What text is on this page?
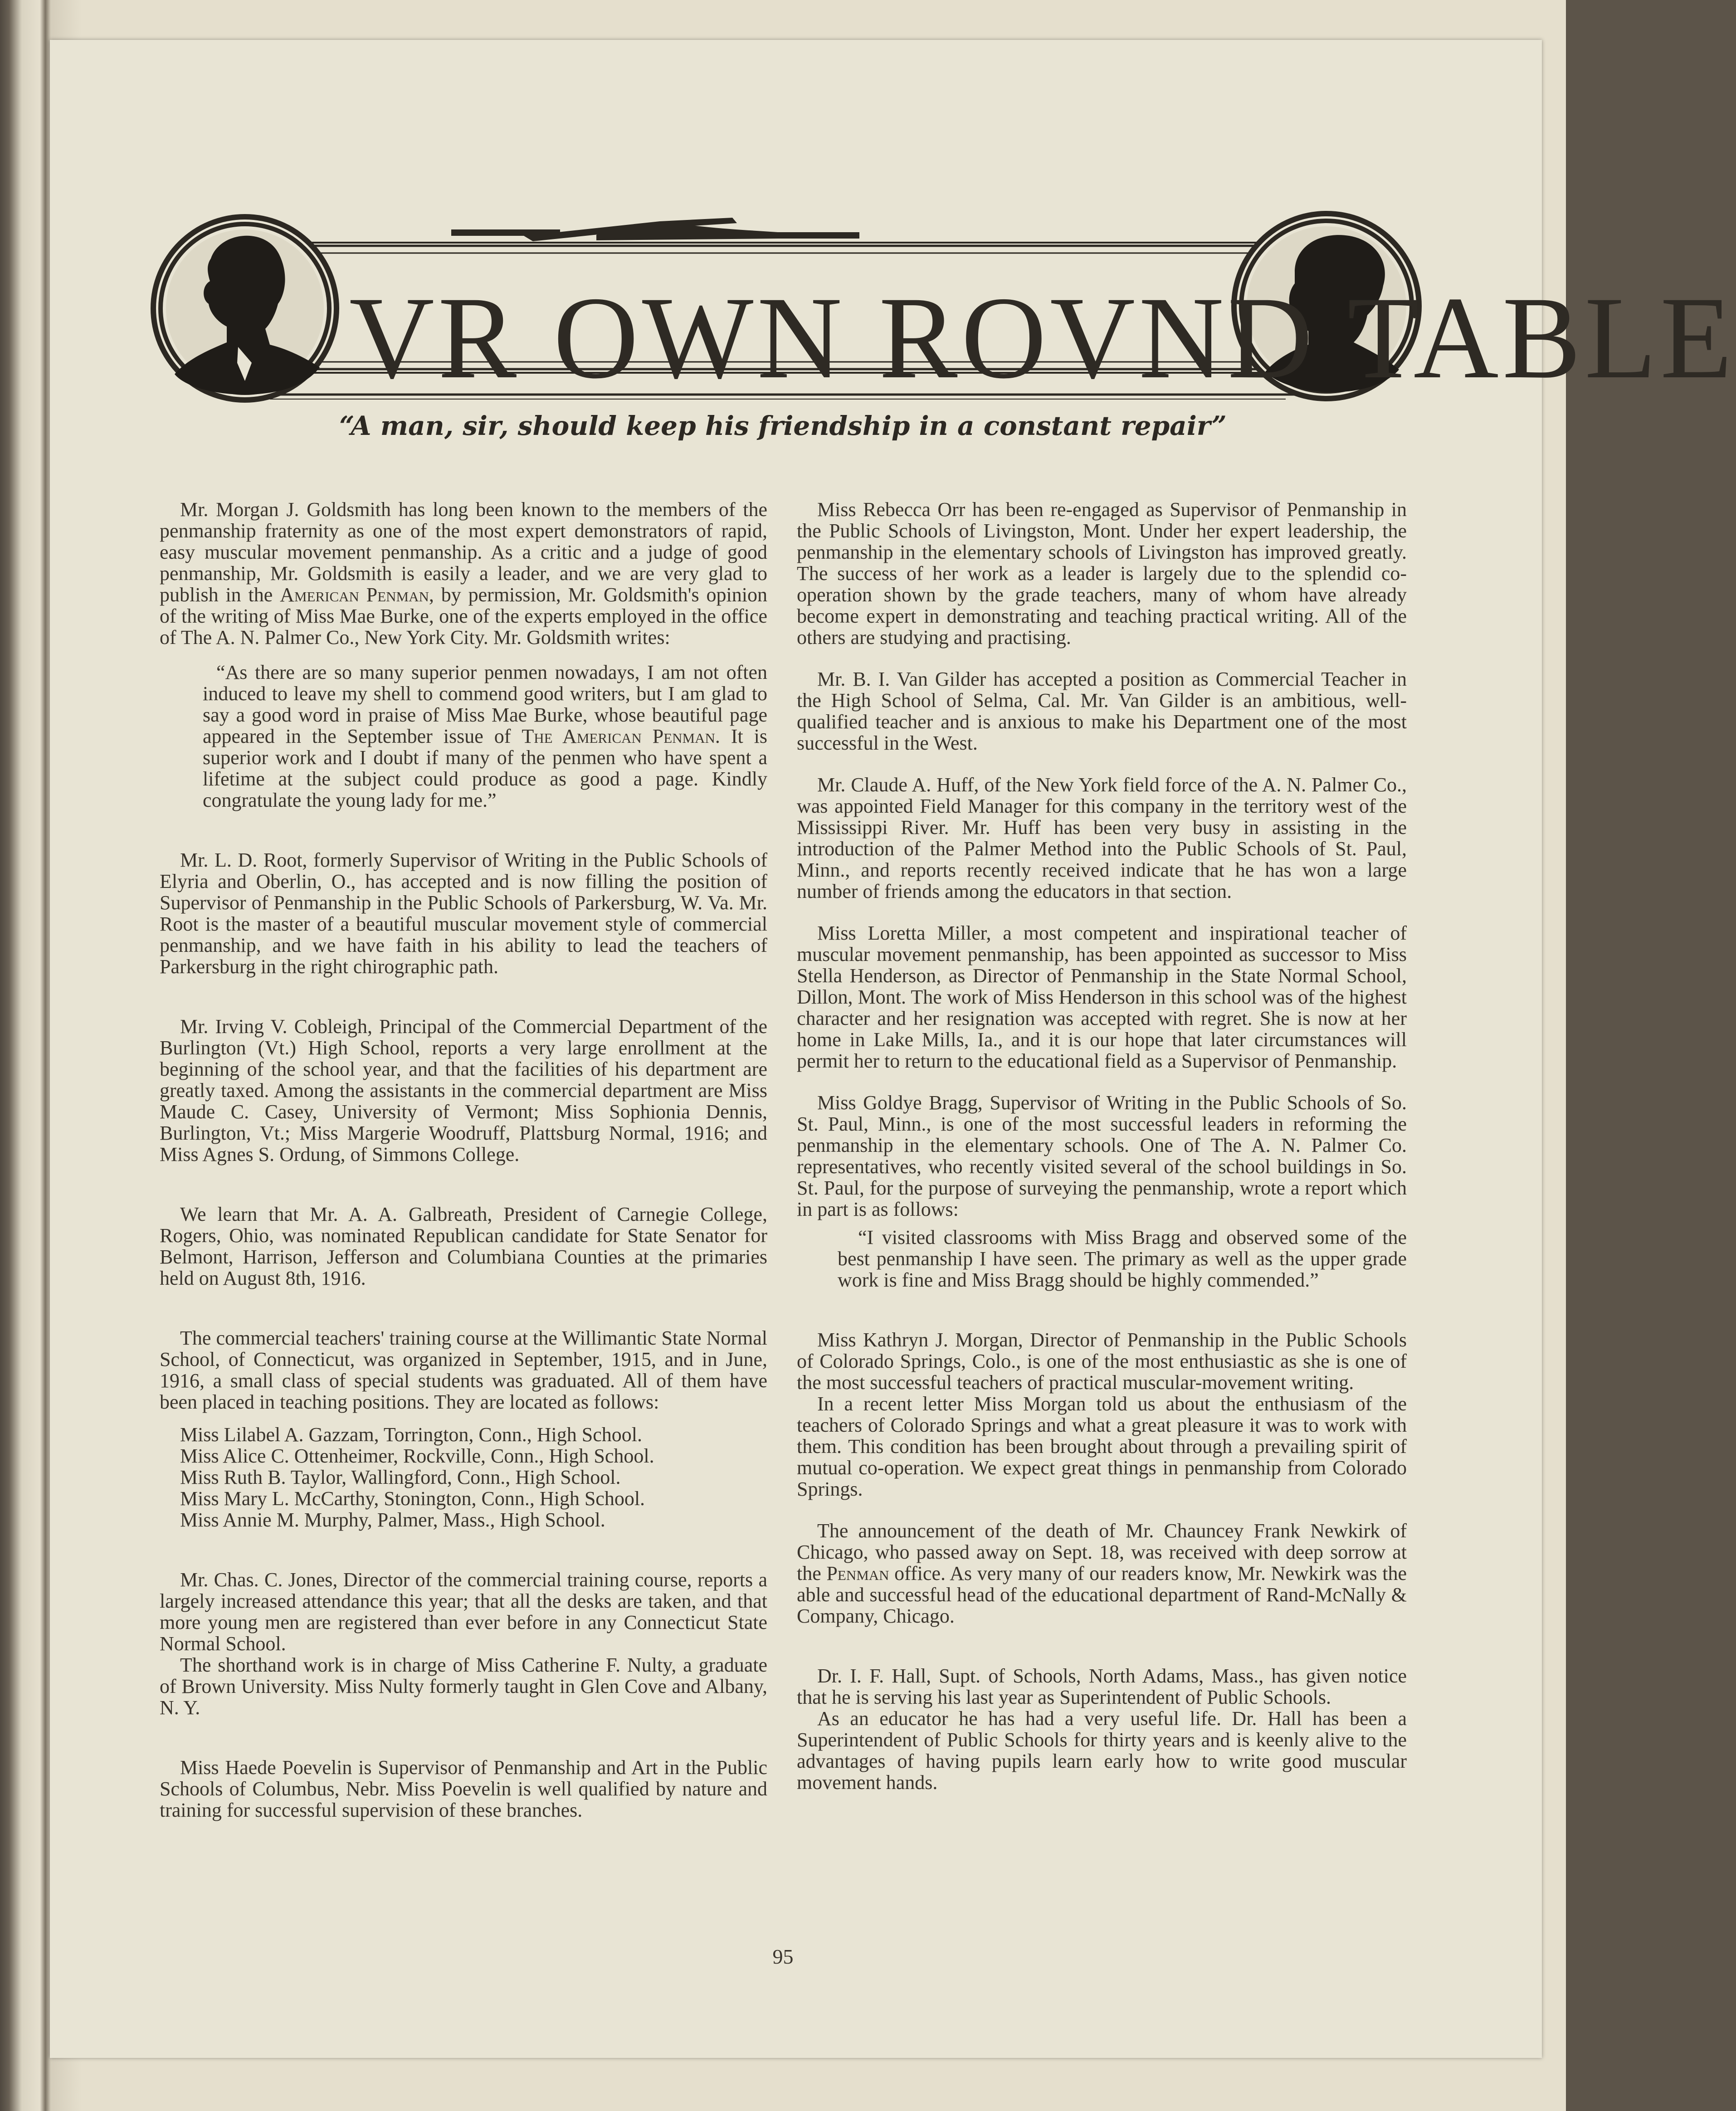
VR OWN ROVND TABLE
“A man, sir, should keep his friendship in a constant repair”

Mr. Morgan J. Goldsmith has long been known to the members of the penmanship fraternity as one of the most expert demonstrators of rapid, easy muscular movement penmanship. As a critic and a judge of good penmanship, Mr. Goldsmith is easily a leader, and we are very glad to publish in the American Penman, by permission, Mr. Goldsmith's opinion of the writing of Miss Mae Burke, one of the experts employed in the office of The A. N. Palmer Co., New York City. Mr. Goldsmith writes:

“As there are so many superior penmen nowadays, I am not often induced to leave my shell to commend good writers, but I am glad to say a good word in praise of Miss Mae Burke, whose beautiful page appeared in the September issue of The American Penman. It is superior work and I doubt if many of the penmen who have spent a lifetime at the subject could produce as good a page. Kindly congratulate the young lady for me.”

Mr. L. D. Root, formerly Supervisor of Writing in the Public Schools of Elyria and Oberlin, O., has accepted and is now filling the position of Supervisor of Penmanship in the Public Schools of Parkersburg, W. Va. Mr. Root is the master of a beautiful muscular movement style of commercial penmanship, and we have faith in his ability to lead the teachers of Parkersburg in the right chirographic path.

Mr. Irving V. Cobleigh, Principal of the Commercial Department of the Burlington (Vt.) High School, reports a very large enrollment at the beginning of the school year, and that the facilities of his department are greatly taxed. Among the assistants in the commercial department are Miss Maude C. Casey, University of Vermont; Miss Sophionia Dennis, Burlington, Vt.; Miss Margerie Woodruff, Plattsburg Normal, 1916; and Miss Agnes S. Ordung, of Simmons College.

We learn that Mr. A. A. Galbreath, President of Carnegie College, Rogers, Ohio, was nominated Republican candidate for State Senator for Belmont, Harrison, Jefferson and Columbiana Counties at the primaries held on August 8th, 1916.

The commercial teachers' training course at the Willimantic State Normal School, of Connecticut, was organized in September, 1915, and in June, 1916, a small class of special students was graduated. All of them have been placed in teaching positions. They are located as follows:

Miss Lilabel A. Gazzam, Torrington, Conn., High School.
Miss Alice C. Ottenheimer, Rockville, Conn., High School.
Miss Ruth B. Taylor, Wallingford, Conn., High School.
Miss Mary L. McCarthy, Stonington, Conn., High School.
Miss Annie M. Murphy, Palmer, Mass., High School.

Mr. Chas. C. Jones, Director of the commercial training course, reports a largely increased attendance this year; that all the desks are taken, and that more young men are registered than ever before in any Connecticut State Normal School.

The shorthand work is in charge of Miss Catherine F. Nulty, a graduate of Brown University. Miss Nulty formerly taught in Glen Cove and Albany, N. Y.

Miss Haede Poevelin is Supervisor of Penmanship and Art in the Public Schools of Columbus, Nebr. Miss Poevelin is well qualified by nature and training for successful supervision of these branches.

Miss Rebecca Orr has been re-engaged as Supervisor of Penmanship in the Public Schools of Livingston, Mont. Under her expert leadership, the penmanship in the elementary schools of Livingston has improved greatly. The success of her work as a leader is largely due to the splendid co-operation shown by the grade teachers, many of whom have already become expert in demonstrating and teaching practical writing. All of the others are studying and practising.

Mr. B. I. Van Gilder has accepted a position as Commercial Teacher in the High School of Selma, Cal. Mr. Van Gilder is an ambitious, well-qualified teacher and is anxious to make his Department one of the most successful in the West.

Mr. Claude A. Huff, of the New York field force of the A. N. Palmer Co., was appointed Field Manager for this company in the territory west of the Mississippi River. Mr. Huff has been very busy in assisting in the introduction of the Palmer Method into the Public Schools of St. Paul, Minn., and reports recently received indicate that he has won a large number of friends among the educators in that section.

Miss Loretta Miller, a most competent and inspirational teacher of muscular movement penmanship, has been appointed as successor to Miss Stella Henderson, as Director of Penmanship in the State Normal School, Dillon, Mont. The work of Miss Henderson in this school was of the highest character and her resignation was accepted with regret. She is now at her home in Lake Mills, Ia., and it is our hope that later circumstances will permit her to return to the educational field as a Supervisor of Penmanship.

Miss Goldye Bragg, Supervisor of Writing in the Public Schools of So. St. Paul, Minn., is one of the most successful leaders in reforming the penmanship in the elementary schools. One of The A. N. Palmer Co. representatives, who recently visited several of the school buildings in So. St. Paul, for the purpose of surveying the penmanship, wrote a report which in part is as follows:

“I visited classrooms with Miss Bragg and observed some of the best penmanship I have seen. The primary as well as the upper grade work is fine and Miss Bragg should be highly commended.”

Miss Kathryn J. Morgan, Director of Penmanship in the Public Schools of Colorado Springs, Colo., is one of the most enthusiastic as she is one of the most successful teachers of practical muscular-movement writing.

In a recent letter Miss Morgan told us about the enthusiasm of the teachers of Colorado Springs and what a great pleasure it was to work with them. This condition has been brought about through a prevailing spirit of mutual co-operation. We expect great things in penmanship from Colorado Springs.

The announcement of the death of Mr. Chauncey Frank Newkirk of Chicago, who passed away on Sept. 18, was received with deep sorrow at the Penman office. As very many of our readers know, Mr. Newkirk was the able and successful head of the educational department of Rand-McNally & Company, Chicago.

Dr. I. F. Hall, Supt. of Schools, North Adams, Mass., has given notice that he is serving his last year as Superintendent of Public Schools.

As an educator he has had a very useful life. Dr. Hall has been a Superintendent of Public Schools for thirty years and is keenly alive to the advantages of having pupils learn early how to write good muscular movement hands.

95
